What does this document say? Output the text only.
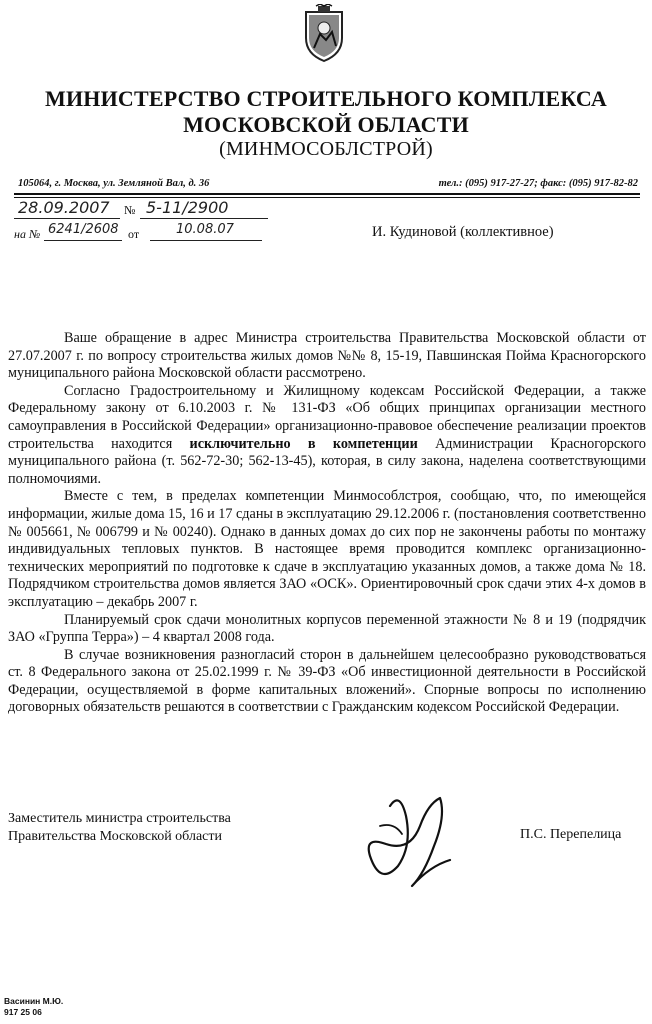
МИНИСТЕРСТВО СТРОИТЕЛЬНОГО КОМПЛЕКСА
МОСКОВСКОЙ ОБЛАСТИ
(МИНМОСОБЛСТРОЙ)
105064, г. Москва, ул. Земляной Вал, д. 36	тел.: (095) 917-27-27; факс: (095) 917-82-82
28.09.2007 № 5-11/2900
на № 6241/2608 от	10.08.07	И. Кудиновой (коллективное)

Ваше обращение в адрес Министра строительства Правительства Московской области от 27.07.2007 г. по вопросу строительства жилых домов №№ 8, 15-19, Павшинская Пойма Красногорского муниципального района Московской области рассмотрено.

Согласно Градостроительному и Жилищному кодексам Российской Федерации, а также Федеральному закону от 6.10.2003 г. № 131-ФЗ «Об общих принципах организации местного самоуправления в Российской Федерации» организационно-правовое обеспечение реализации проектов строительства находится исключительно в компетенции Администрации Красногорского муниципального района (т. 562-72-30; 562-13-45), которая, в силу закона, наделена соответствующими полномочиями.

Вместе с тем, в пределах компетенции Минмособлстроя, сообщаю, что, по имеющейся информации, жилые дома 15, 16 и 17 сданы в эксплуатацию 29.12.2006 г. (постановления соответственно № 005661, № 006799 и № 00240). Однако в данных домах до сих пор не закончены работы по монтажу индивидуальных тепловых пунктов. В настоящее время проводится комплекс организационно-технических мероприятий по подготовке к сдаче в эксплуатацию указанных домов, а также дома № 18. Подрядчиком строительства домов является ЗАО «ОСК». Ориентировочный срок сдачи этих 4-х домов в эксплуатацию – декабрь 2007 г.

Планируемый срок сдачи монолитных корпусов переменной этажности № 8 и 19 (подрядчик ЗАО «Группа Терра») – 4 квартал 2008 года.

В случае возникновения разногласий сторон в дальнейшем целесообразно руководствоваться ст. 8 Федерального закона от 25.02.1999 г. № 39-ФЗ «Об инвестиционной деятельности в Российской Федерации, осуществляемой в форме капитальных вложений». Спорные вопросы по исполнению договорных обязательств решаются в соответствии с Гражданским кодексом Российской Федерации.

Заместитель министра строительства
Правительства Московской области	П.С. Перепелица
Васинин М.Ю.
917 25 06
